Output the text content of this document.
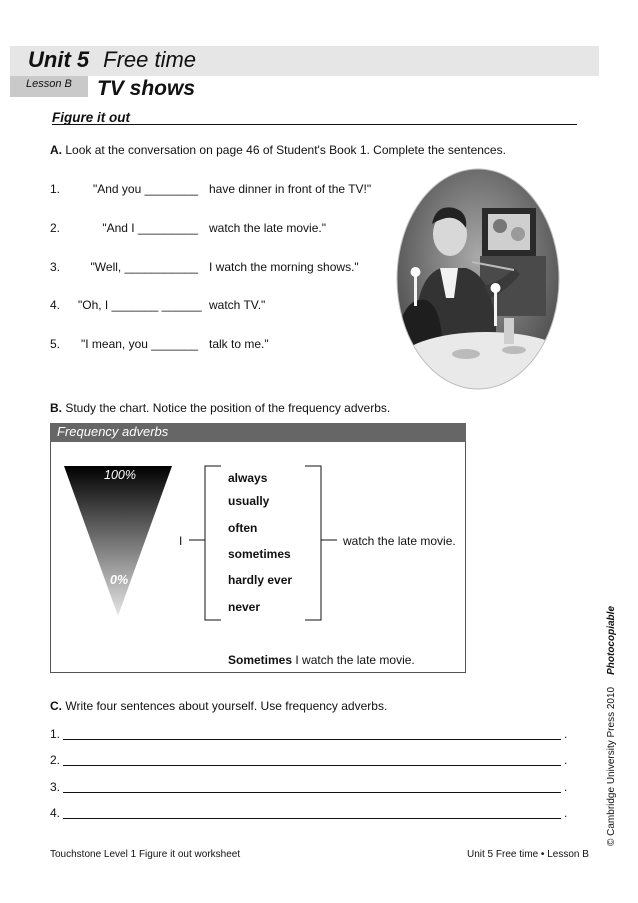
Unit 5 Free time
Lesson B TV shows
Figure it out
A. Look at the conversation on page 46 of Student's Book 1. Complete the sentences.
1.	"And you ________ have dinner in front of the TV!"
2.	"And I _________ watch the late movie."
3.	"Well, ___________ I watch the morning shows."
4. "Oh, I _______ ______ watch TV."
5. "I mean, you _______ talk to me."
B. Study the chart. Notice the position of the frequency adverbs.
Frequency adverbs
100%
0%
I
always
usually
often
sometimes
hardly ever
never
watch the late movie.
Sometimes I watch the late movie.
C. Write four sentences about yourself. Use frequency adverbs.
1.	.
2.	.
3.	.
4.	.
Touchstone Level 1 Figure it out worksheet	Unit 5 Free time • Lesson B
© Cambridge University Press 2010Photocopiable
